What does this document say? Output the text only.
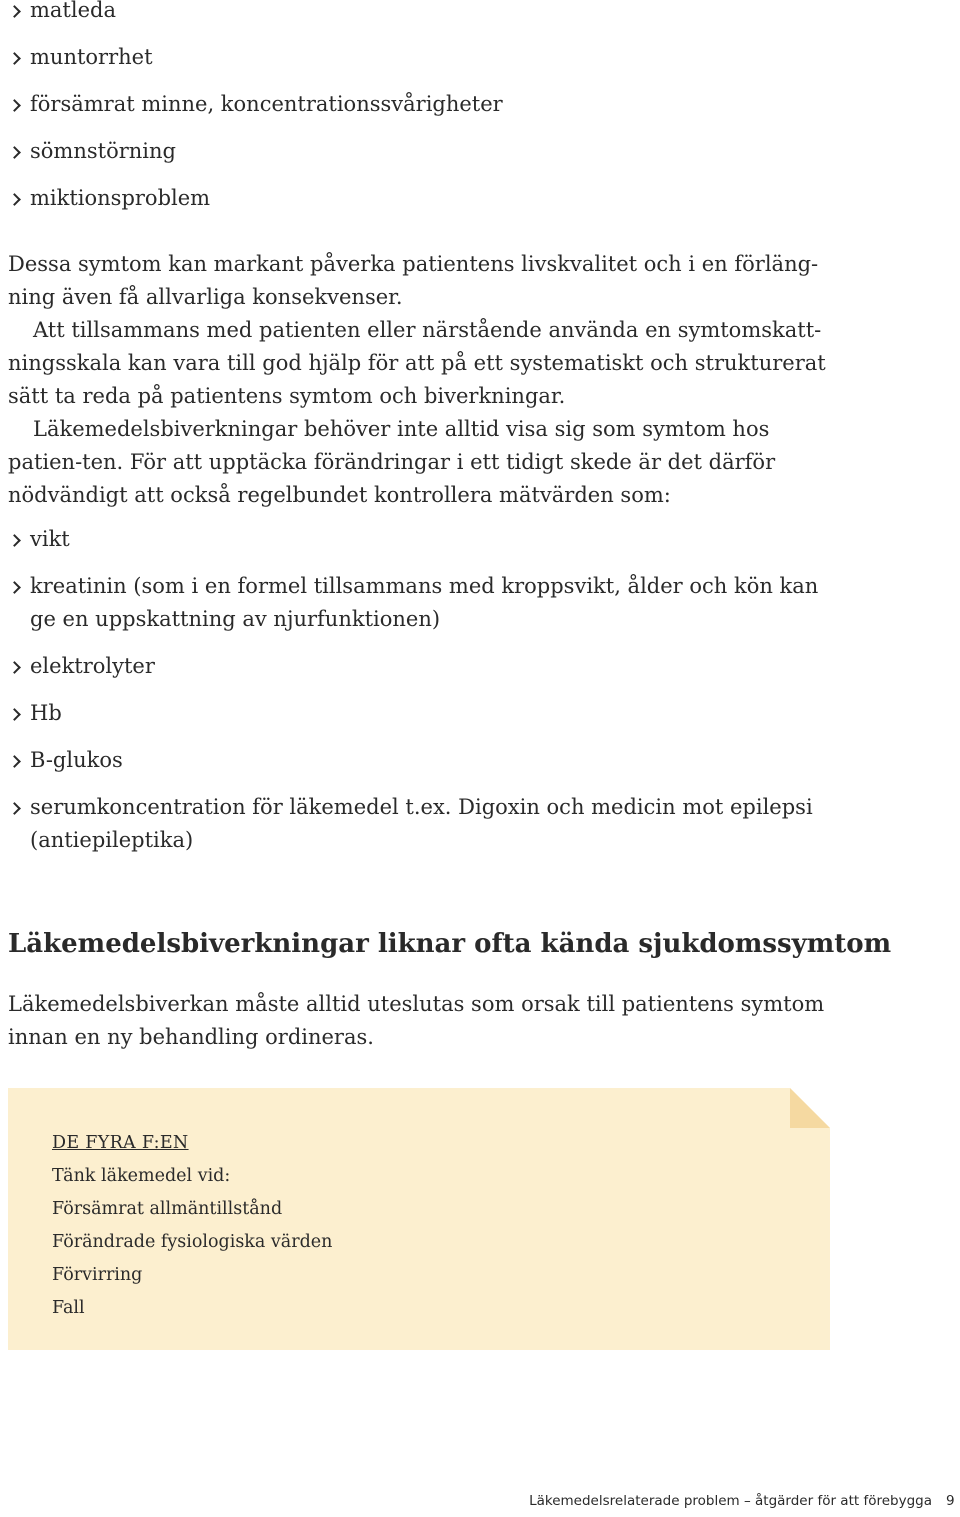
matleda
muntorrhet
försämrat minne, koncentrationssvårigheter
sömnstörning
miktionsproblem

Dessa symtom kan markant påverka patientens livskvalitet och i en förläng-ning även få allvarliga konsekvenser.

Att tillsammans med patienten eller närstående använda en symtomskatt-ningsskala kan vara till god hjälp för att på ett systematiskt och strukturerat sätt ta reda på patientens symtom och biverkningar.
Läkemedelsbiverkningar behöver inte alltid visa sig som symtom hos patien-ten. För att upptäcka förändringar i ett tidigt skede är det därför nödvändigt att också regelbundet kontrollera mätvärden som:
vikt
kreatinin (som i en formel tillsammans med kroppsvikt, ålder och kön kan ge en uppskattning av njurfunktionen)
elektrolyter
Hb
B-glukos
serumkoncentration för läkemedel t.ex. Digoxin och medicin mot epilepsi (antiepileptika)
Läkemedelsbiverkningar liknar ofta kända sjukdomssymtom

Läkemedelsbiverkan måste alltid uteslutas som orsak till patientens symtom innan en ny behandling ordineras.

DE FYRA F:EN
Tänk läkemedel vid:
Försämrat allmäntillstånd
Förändrade fysiologiska värden
Förvirring
Fall
Läkemedelsrelaterade problem – åtgärder för att förebygga 9
